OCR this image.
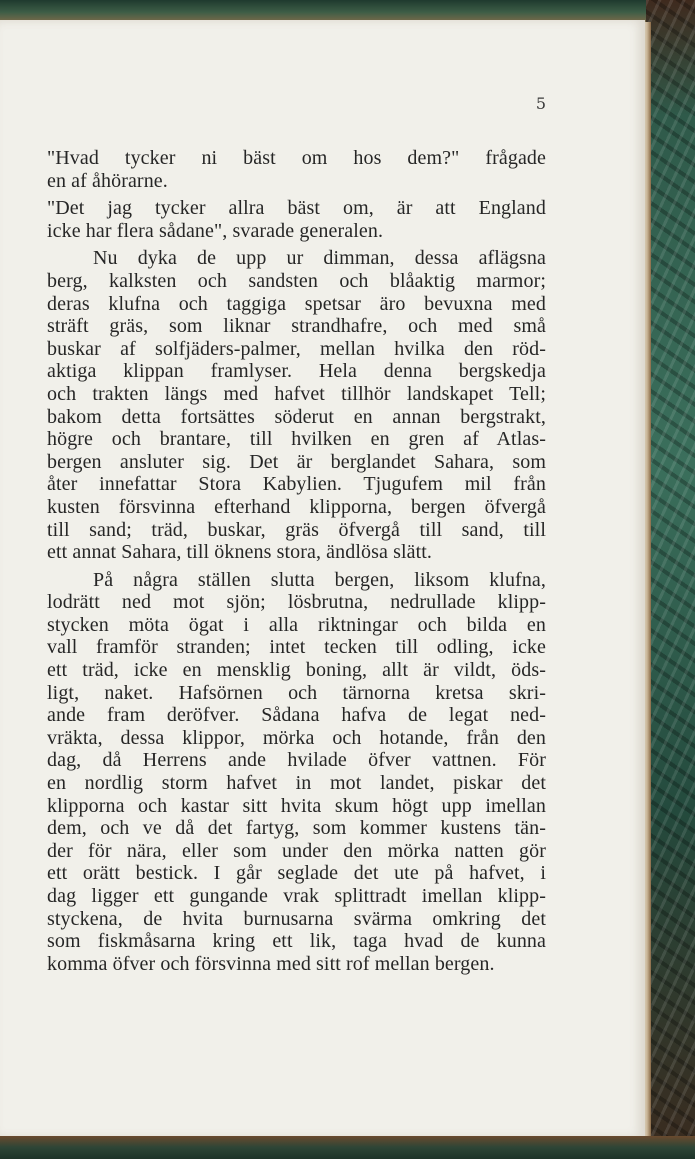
5
"Hvad tycker ni bäst om hos dem?" frågade
en af åhörarne.
"Det jag tycker allra bäst om, är att England
icke har flera sådane", svarade generalen.
Nu dyka de upp ur dimman, dessa aflägsna
berg, kalksten och sandsten och blåaktig marmor;
deras klufna och taggiga spetsar äro bevuxna med
sträft gräs, som liknar strandhafre, och med små
buskar af solfjäders-palmer, mellan hvilka den röd-
aktiga klippan framlyser. Hela denna bergskedja
och trakten längs med hafvet tillhör landskapet Tell;
bakom detta fortsättes söderut en annan bergstrakt,
högre och brantare, till hvilken en gren af Atlas-
bergen ansluter sig. Det är berglandet Sahara, som
åter innefattar Stora Kabylien. Tjugufem mil från
kusten försvinna efterhand klipporna, bergen öfvergå
till sand; träd, buskar, gräs öfvergå till sand, till
ett annat Sahara, till öknens stora, ändlösa slätt.
På några ställen slutta bergen, liksom klufna,
lodrätt ned mot sjön; lösbrutna, nedrullade klipp-
stycken möta ögat i alla riktningar och bilda en
vall framför stranden; intet tecken till odling, icke
ett träd, icke en mensklig boning, allt är vildt, öds-
ligt, naket. Hafsörnen och tärnorna kretsa skri-
ande fram deröfver. Sådana hafva de legat ned-
vräkta, dessa klippor, mörka och hotande, från den
dag, då Herrens ande hvilade öfver vattnen. För
en nordlig storm hafvet in mot landet, piskar det
klipporna och kastar sitt hvita skum högt upp imellan
dem, och ve då det fartyg, som kommer kustens tän-
der för nära, eller som under den mörka natten gör
ett orätt bestick. I går seglade det ute på hafvet, i
dag ligger ett gungande vrak splittradt imellan klipp-
styckena, de hvita burnusarna svärma omkring det
som fiskmåsarna kring ett lik, taga hvad de kunna
komma öfver och försvinna med sitt rof mellan bergen.
